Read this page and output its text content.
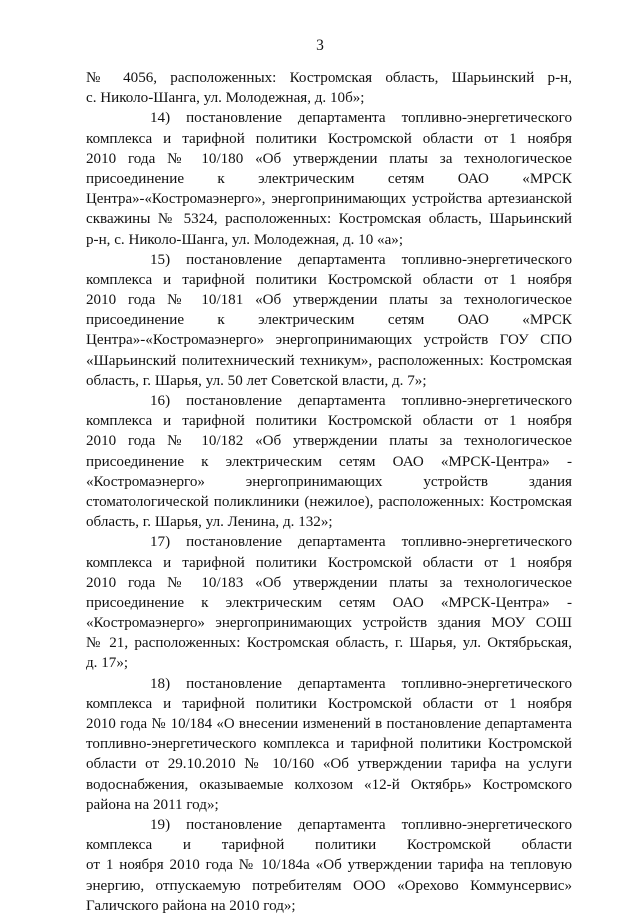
3
№ 4056, расположенных: Костромская область, Шарьинский р-н,
с. Николо-Шанга, ул. Молодежная, д. 10б»;
14) постановление департамента топливно-энергетического
комплекса и тарифной политики Костромской области от 1 ноября
2010 года № 10/180 «Об утверждении платы за технологическое
присоединение к электрическим сетям ОАО «МРСК
Центра»-«Костромаэнерго», энергопринимающих устройства артезианской
скважины № 5324, расположенных: Костромская область, Шарьинский
р-н, с. Николо-Шанга, ул. Молодежная, д. 10 «а»;
15) постановление департамента топливно-энергетического
комплекса и тарифной политики Костромской области от 1 ноября
2010 года № 10/181 «Об утверждении платы за технологическое
присоединение к электрическим сетям ОАО «МРСК
Центра»-«Костромаэнерго» энергопринимающих устройств ГОУ СПО
«Шарьинский политехнический техникум», расположенных: Костромская
область, г. Шарья, ул. 50 лет Советской власти, д. 7»;
16) постановление департамента топливно-энергетического
комплекса и тарифной политики Костромской области от 1 ноября
2010 года № 10/182 «Об утверждении платы за технологическое
присоединение к электрическим сетям ОАО «МРСК-Центра» -
«Костромаэнерго» энергопринимающих устройств здания
стоматологической поликлиники (нежилое), расположенных: Костромская
область, г. Шарья, ул. Ленина, д. 132»;
17) постановление департамента топливно-энергетического
комплекса и тарифной политики Костромской области от 1 ноября
2010 года № 10/183 «Об утверждении платы за технологическое
присоединение к электрическим сетям ОАО «МРСК-Центра» -
«Костромаэнерго» энергопринимающих устройств здания МОУ СОШ
№ 21, расположенных: Костромская область, г. Шарья, ул. Октябрьская,
д. 17»;
18) постановление департамента топливно-энергетического
комплекса и тарифной политики Костромской области от 1 ноября
2010 года № 10/184 «О внесении изменений в постановление департамента
топливно-энергетического комплекса и тарифной политики Костромской
области от 29.10.2010 № 10/160 «Об утверждении тарифа на услуги
водоснабжения, оказываемые колхозом «12-й Октябрь» Костромского
района на 2011 год»;
19) постановление департамента топливно-энергетического
комплекса и тарифной политики Костромской области
от 1 ноября 2010 года № 10/184а «Об утверждении тарифа на тепловую
энергию, отпускаемую потребителям ООО «Орехово Коммунсервис»
Галичского района на 2010 год»;
